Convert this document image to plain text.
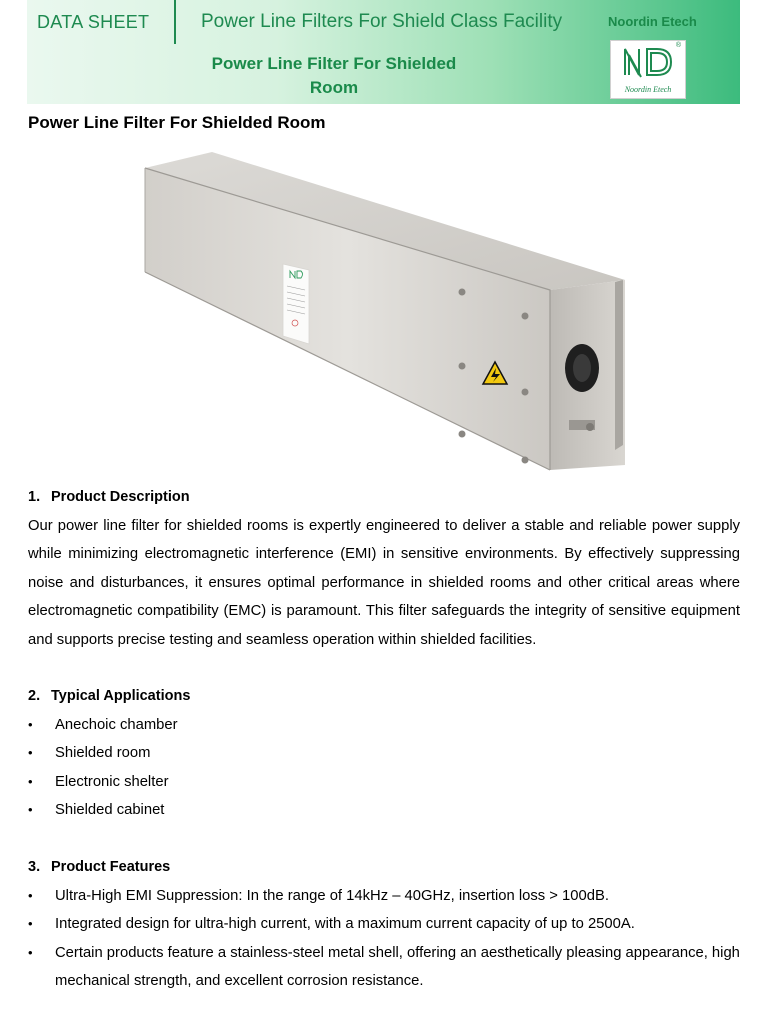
DATA SHEET	Power Line Filters For Shield Class Facility	Noordin Etech
Power Line Filter For Shielded Room
®
Noordin Etech
Power Line Filter For Shielded Room
1. Product Description
Our power line filter for shielded rooms is expertly engineered to deliver a stable and reliable power supply while minimizing electromagnetic interference (EMI) in sensitive environments. By effectively suppressing noise and disturbances, it ensures optimal performance in shielded rooms and other critical areas where electromagnetic compatibility (EMC) is paramount. This filter safeguards the integrity of sensitive equipment and supports precise testing and seamless operation within shielded facilities.
2. Typical Applications
• Anechoic chamber
• Shielded room
• Electronic shelter
• Shielded cabinet
3. Product Features
• Ultra-High EMI Suppression: In the range of 14kHz – 40GHz, insertion loss > 100dB.
• Integrated design for ultra-high current, with a maximum current capacity of up to 2500A.
• Certain products feature a stainless-steel metal shell, offering an aesthetically pleasing appearance, high mechanical strength, and excellent corrosion resistance.
